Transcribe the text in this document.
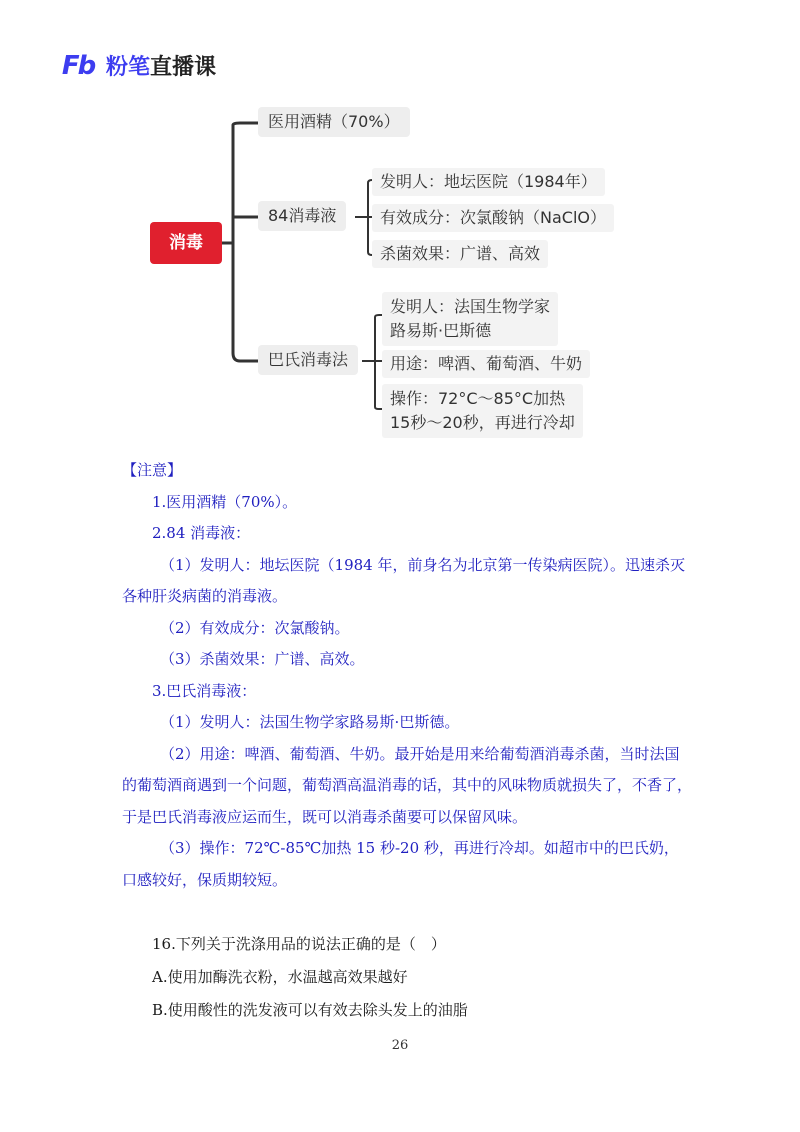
Fb 粉笔直播课
消毒
医用酒精（70%）
84消毒液
发明人：地坛医院（1984年）
有效成分：次氯酸钠（NaClO）
杀菌效果：广谱、高效
巴氏消毒法
发明人：法国生物学家
路易斯·巴斯德
用途：啤酒、葡萄酒、牛奶
操作：72°C～85°C加热
15秒～20秒，再进行冷却

【注意】

1.医用酒精（70%）。

2.84 消毒液：

（1）发明人：地坛医院（1984 年，前身名为北京第一传染病医院）。迅速杀灭各种肝炎病菌的消毒液。

（2）有效成分：次氯酸钠。

（3）杀菌效果：广谱、高效。

3.巴氏消毒液：

（1）发明人：法国生物学家路易斯·巴斯德。

（2）用途：啤酒、葡萄酒、牛奶。最开始是用来给葡萄酒消毒杀菌，当时法国的葡萄酒商遇到一个问题，葡萄酒高温消毒的话，其中的风味物质就损失了，不香了，于是巴氏消毒液应运而生，既可以消毒杀菌要可以保留风味。

（3）操作：72℃-85℃加热 15 秒-20 秒，再进行冷却。如超市中的巴氏奶，口感较好，保质期较短。

16.下列关于洗涤用品的说法正确的是（　）

A.使用加酶洗衣粉，水温越高效果越好

B.使用酸性的洗发液可以有效去除头发上的油脂

26
